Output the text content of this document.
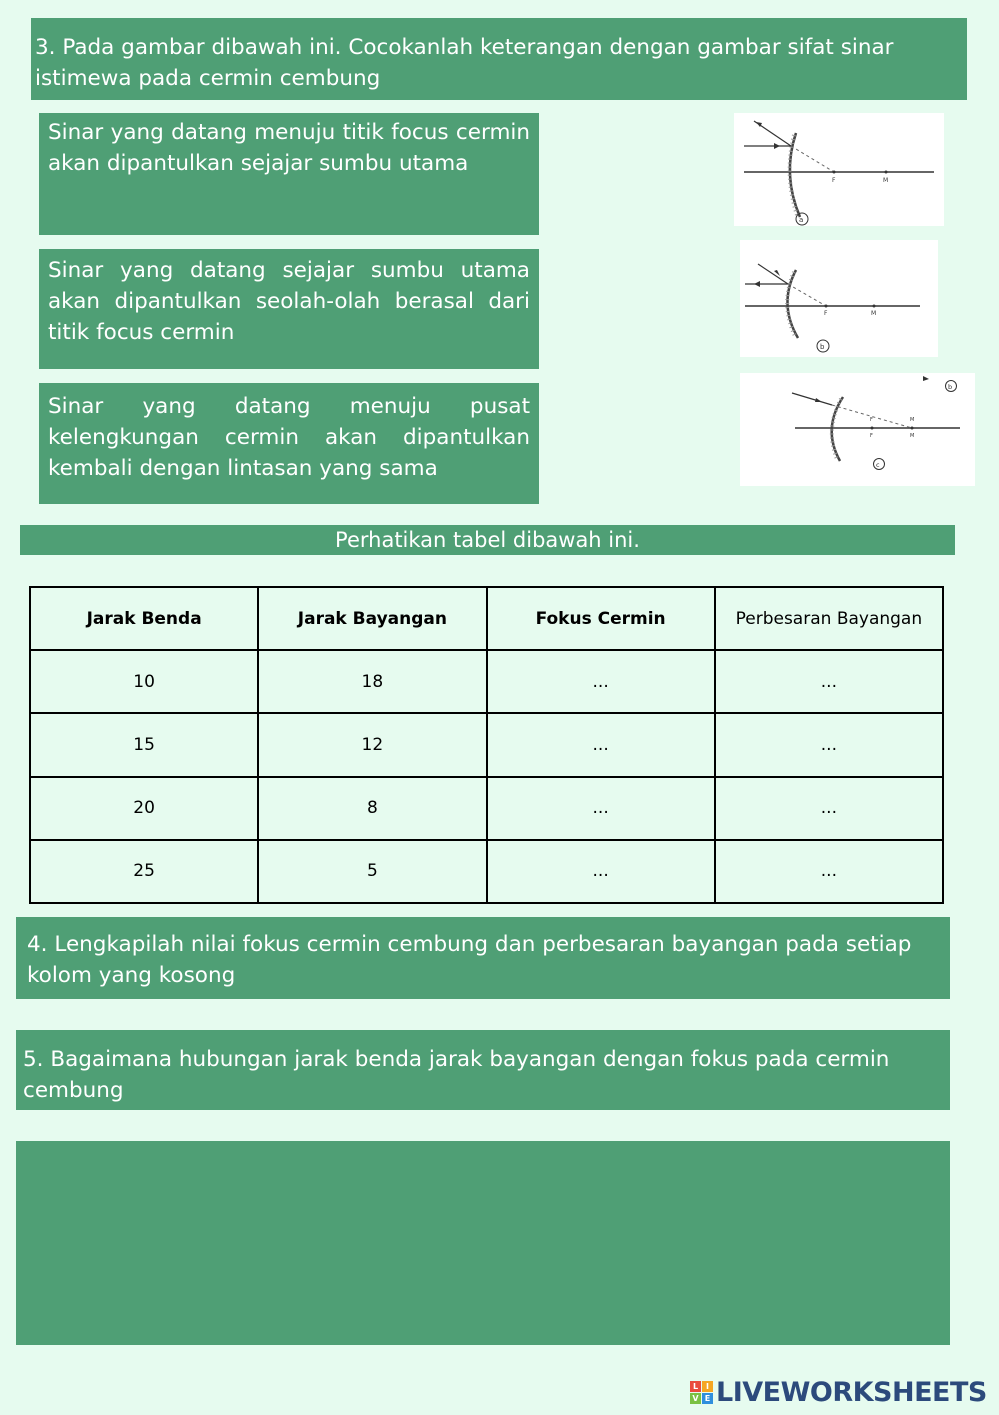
3. Pada gambar dibawah ini. Cocokanlah keterangan dengan gambar sifat sinar istimewa pada cermin cembung
Sinar yang datang menuju titik focus cermin akan dipantulkan sejajar sumbu utama
Sinar yang datang sejajar sumbu utama akan dipantulkan seolah-olah berasal dari titik focus cermin
Sinar yang datang menuju pusat kelengkungan cermin akan dipantulkan kembali dengan lintasan yang sama
F	M
a
F	M
b
F	M
F	M
c
b
Perhatikan tabel dibawah ini.
Jarak Benda	Jarak Bayangan	Fokus Cermin	Perbesaran Bayangan
10	18	...	...
15	12	...	...
20	8	...	...
25	5	...	...
4. Lengkapilah nilai fokus cermin cembung dan perbesaran bayangan pada setiap kolom yang kosong
5. Bagaimana hubungan jarak benda jarak bayangan dengan fokus pada cermin cembung
L I
V E LIVEWORKSHEETS
